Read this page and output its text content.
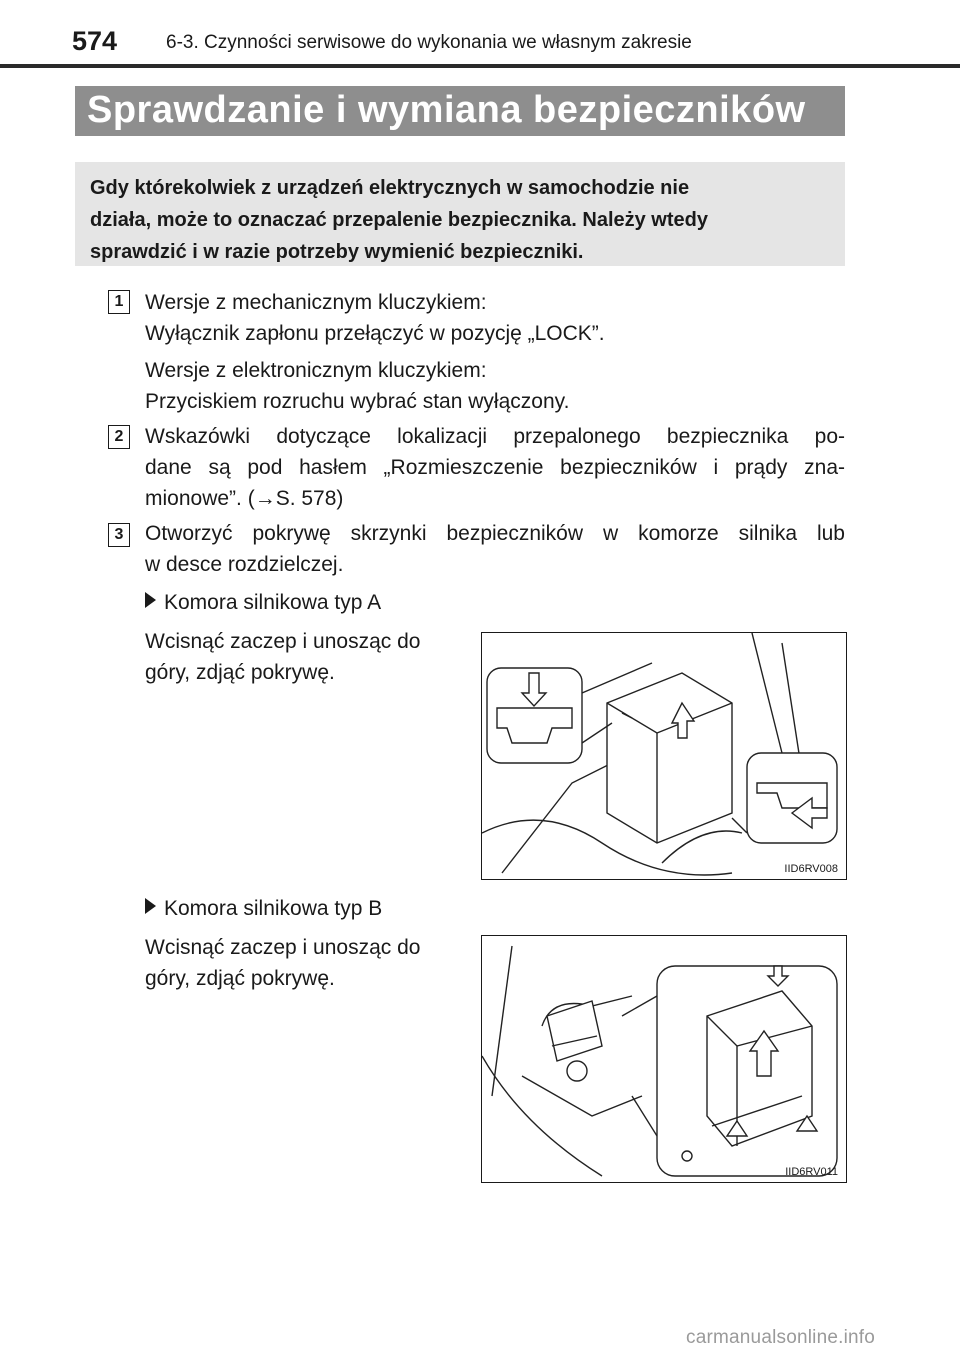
574	6-3. Czynności serwisowe do wykonania we własnym zakresie
Sprawdzanie i wymiana bezpieczników

Gdy którekolwiek z urządzeń elektrycznych w samochodzie nie
działa, może to oznaczać przepalenie bezpiecznika. Należy wtedy
sprawdzić i w razie potrzeby wymienić bezpieczniki.

1	Wersje z mechanicznym kluczykiem:
Wyłącznik zapłonu przełączyć w pozycję „LOCK”.
Wersje z elektronicznym kluczykiem:
Przyciskiem rozruchu wybrać stan wyłączony.
2	Wskazówki dotyczące lokalizacji przepalonego bezpiecznika po-
dane są pod hasłem „Rozmieszczenie bezpieczników i prądy zna-
mionowe”. (→S. 578)
3	Otworzyć pokrywę skrzynki bezpieczników w komorze silnika lub
w desce rozdzielczej.
Komora silnikowa typ A
Wcisnąć zaczep i unosząc do
góry, zdjąć pokrywę.
IID6RV008
Komora silnikowa typ B
Wcisnąć zaczep i unosząc do
góry, zdjąć pokrywę.
IID6RV011
carmanualsonline.info
